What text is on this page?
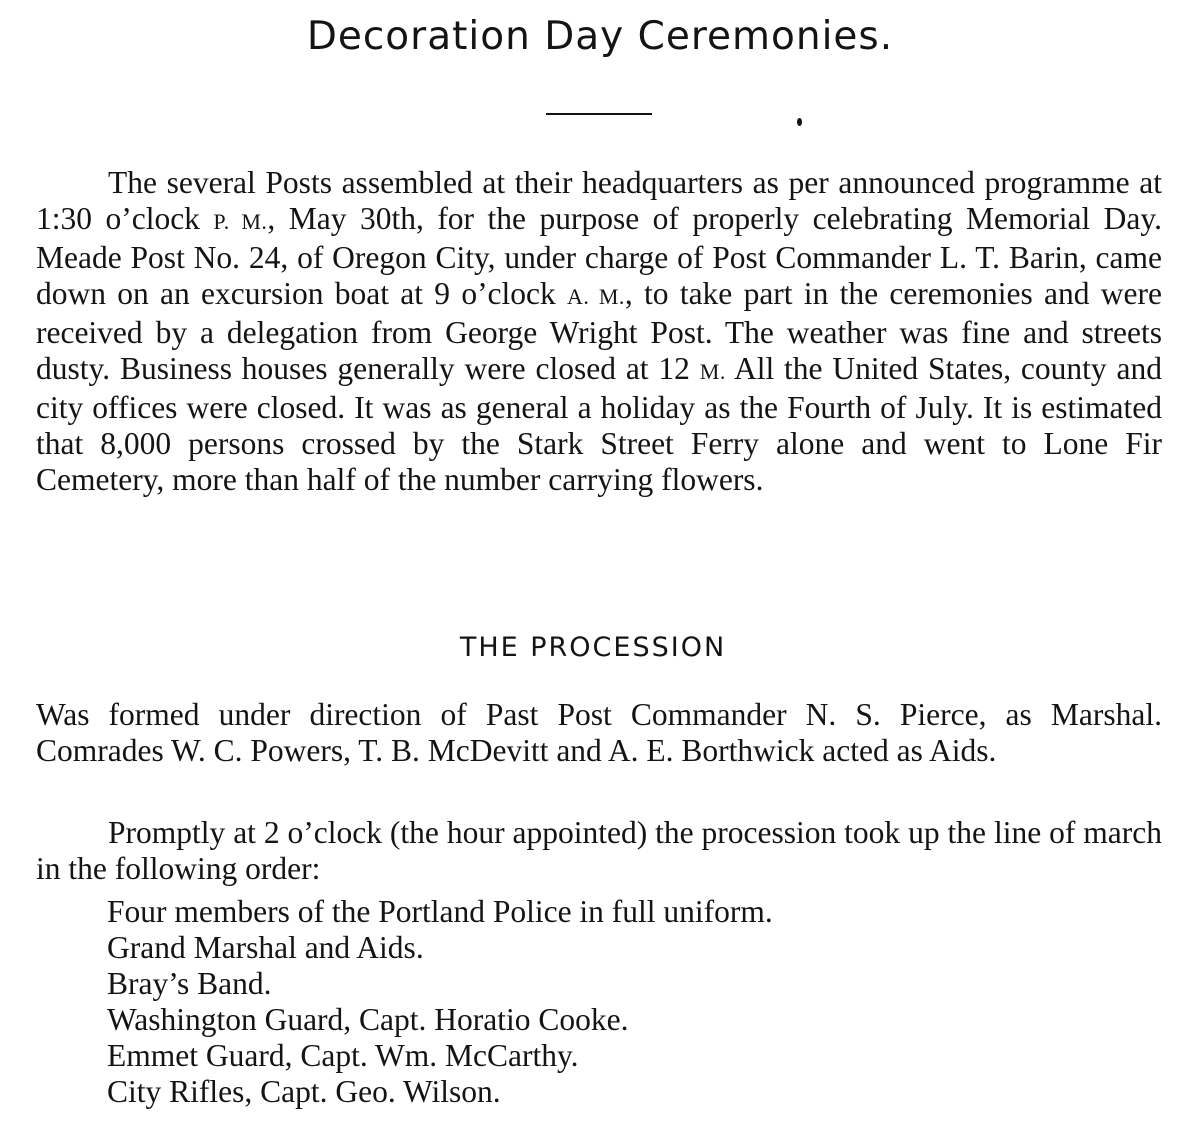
Decoration Day Ceremonies.

The several Posts assembled at their headquarters as per announced programme at 1:30 o’clock P. M., May 30th, for the purpose of properly celebrating Memorial Day. Meade Post No. 24, of Oregon City, under charge of Post Commander L. T. Barin, came down on an excursion boat at 9 o’clock A. M., to take part in the ceremonies and were received by a delegation from George Wright Post. The weather was fine and streets dusty. Business houses generally were closed at 12 M. All the United States, county and city offices were closed. It was as general a holiday as the Fourth of July. It is estimated that 8,000 persons crossed by the Stark Street Ferry alone and went to Lone Fir Cemetery, more than half of the number carrying flowers.

THE PROCESSION

Was formed under direction of Past Post Commander N. S. Pierce, as Marshal. Comrades W. C. Powers, T. B. McDevitt and A. E. Borthwick acted as Aids.

Promptly at 2 o’clock (the hour appointed) the procession took up the line of march in the following order:

Four members of the Portland Police in full uniform.
Grand Marshal and Aids.
Bray’s Band.
Washington Guard, Capt. Horatio Cooke.
Emmet Guard, Capt. Wm. McCarthy.
City Rifles, Capt. Geo. Wilson.
